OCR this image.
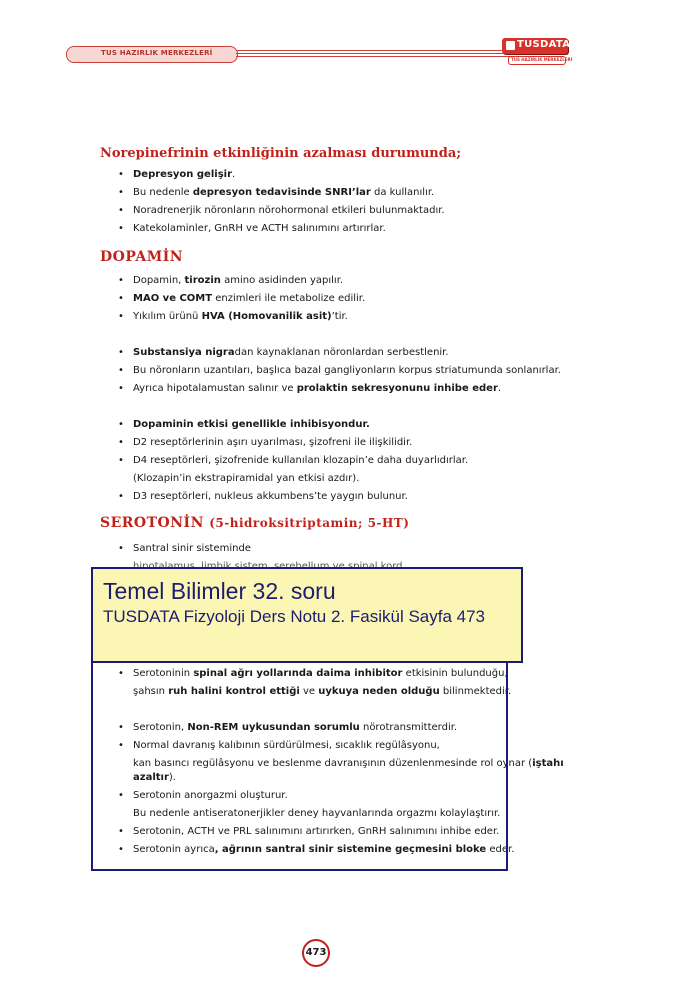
TUS HAZIRLIK MERKEZLERİ
TUSDATA
TUS HAZIRLIK MERKEZLERİ
Norepinefrinin etkinliğinin azalması durumunda;
• Depresyon gelişir.
• Bu nedenle depresyon tedavisinde SNRI’lar da kullanılır.
• Noradrenerjik nöronların nörohormonal etkileri bulunmaktadır.
• Katekolaminler, GnRH ve ACTH salınımını artırırlar.
DOPAMİN
• Dopamin, tirozin amino asidinden yapılır.
• MAO ve COMT enzimleri ile metabolize edilir.
• Yıkılım ürünü HVA (Homovanilik asit)’tir.
• Substansiya nigradan kaynaklanan nöronlardan serbestlenir.
• Bu nöronların uzantıları, başlıca bazal gangliyonların korpus striatumunda sonlanırlar.
• Ayrıca hipotalamustan salınır ve prolaktin sekresyonunu inhibe eder.
• Dopaminin etkisi genellikle inhibisyondur.
• D2 reseptörlerinin aşırı uyarılması, şizofreni ile ilişkilidir.
• D4 reseptörleri, şizofrenide kullanılan klozapin’e daha duyarlıdırlar.
(Klozapin’in ekstrapiramidal yan etkisi azdır).
• D3 reseptörleri, nukleus akkumbens’te yaygın bulunur.
SEROTONİN (5-hidroksitriptamin; 5-HT)
• Santral sinir sisteminde
• Serotoninin spinal ağrı yollarında daima inhibitor etkisinin bulunduğu,
şahsın ruh halini kontrol ettiği ve uykuya neden olduğu bilinmektedir.
• Serotonin, Non-REM uykusundan sorumlu nörotransmitterdir.
• Normal davranış kalıbının sürdürülmesi, sıcaklık regülâsyonu,
kan basıncı regülâsyonu ve beslenme davranışının düzenlenmesinde rol oynar (iştahı
azaltır).
• Serotonin anorgazmi oluşturur.
Bu nedenle antiseratonerjikler deney hayvanlarında orgazmı kolaylaştırır.
• Serotonin, ACTH ve PRL salınımını artırırken, GnRH salınımını inhibe eder.
• Serotonin ayrıca, ağrının santral sinir sistemine geçmesini bloke eder.
Temel Bilimler 32. soru
TUSDATA Fizyoloji Ders Notu 2. Fasikül Sayfa 473
473
